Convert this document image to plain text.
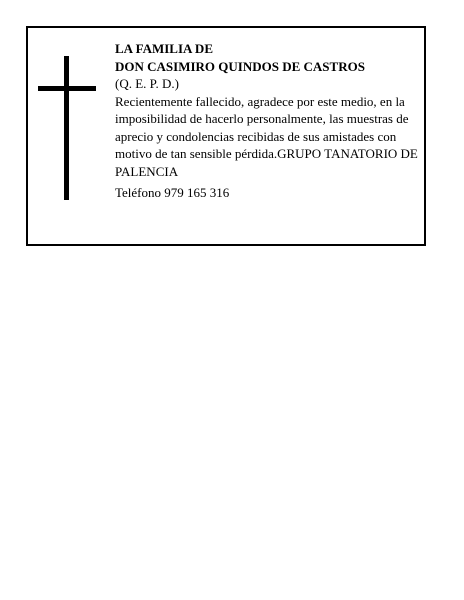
LA FAMILIA DE
DON CASIMIRO QUINDOS DE CASTROS
(Q. E. P. D.)
Recientemente fallecido, agradece por este medio, en la imposibilidad de hacerlo personalmente, las muestras de aprecio y condolencias recibidas de sus amistades con motivo de tan sensible pérdida.GRUPO TANATORIO DE PALENCIA
Teléfono 979 165 316
